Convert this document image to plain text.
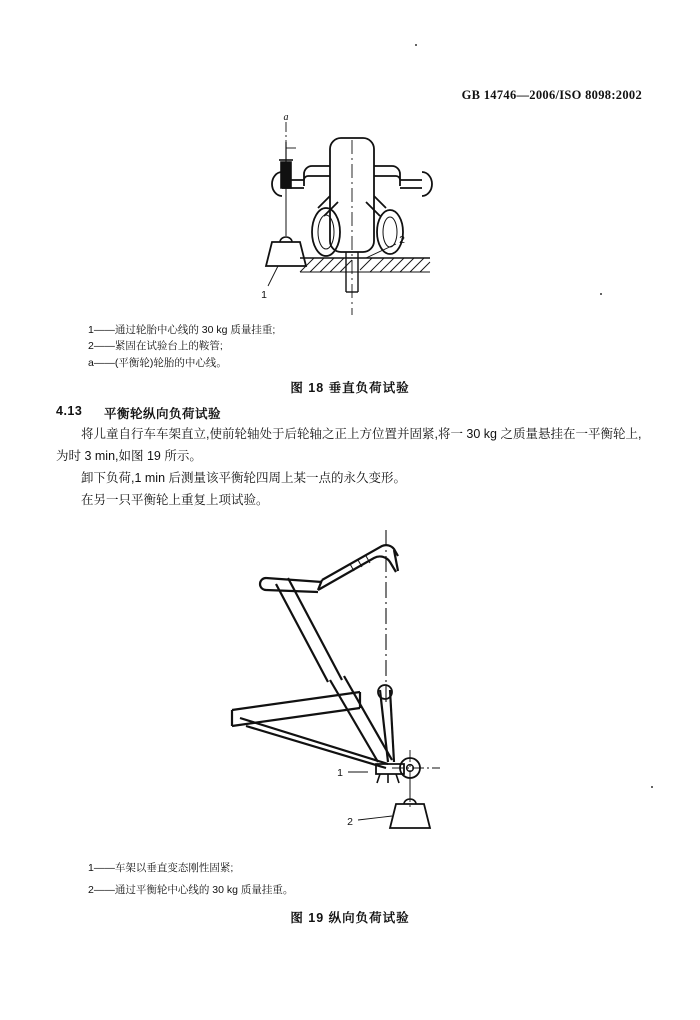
GB 14746—2006/ISO 8098:2002
a
1
2
1——通过轮胎中心线的 30 kg 质量挂重;
2——紧固在试验台上的鞍管;
a——(平衡轮)轮胎的中心线。
图 18 垂直负荷试验
4.13 平衡轮纵向负荷试验
将儿童自行车车架直立,使前轮轴处于后轮轴之正上方位置并固紧,将一 30 kg 之质量悬挂在一平衡轮上,为时 3 min,如图 19 所示。
卸下负荷,1 min 后测量该平衡轮四周上某一点的永久变形。
在另一只平衡轮上重复上项试验。
1
2
1——车架以垂直变态刚性固紧;
2——通过平衡轮中心线的 30 kg 质量挂重。
图 19 纵向负荷试验
